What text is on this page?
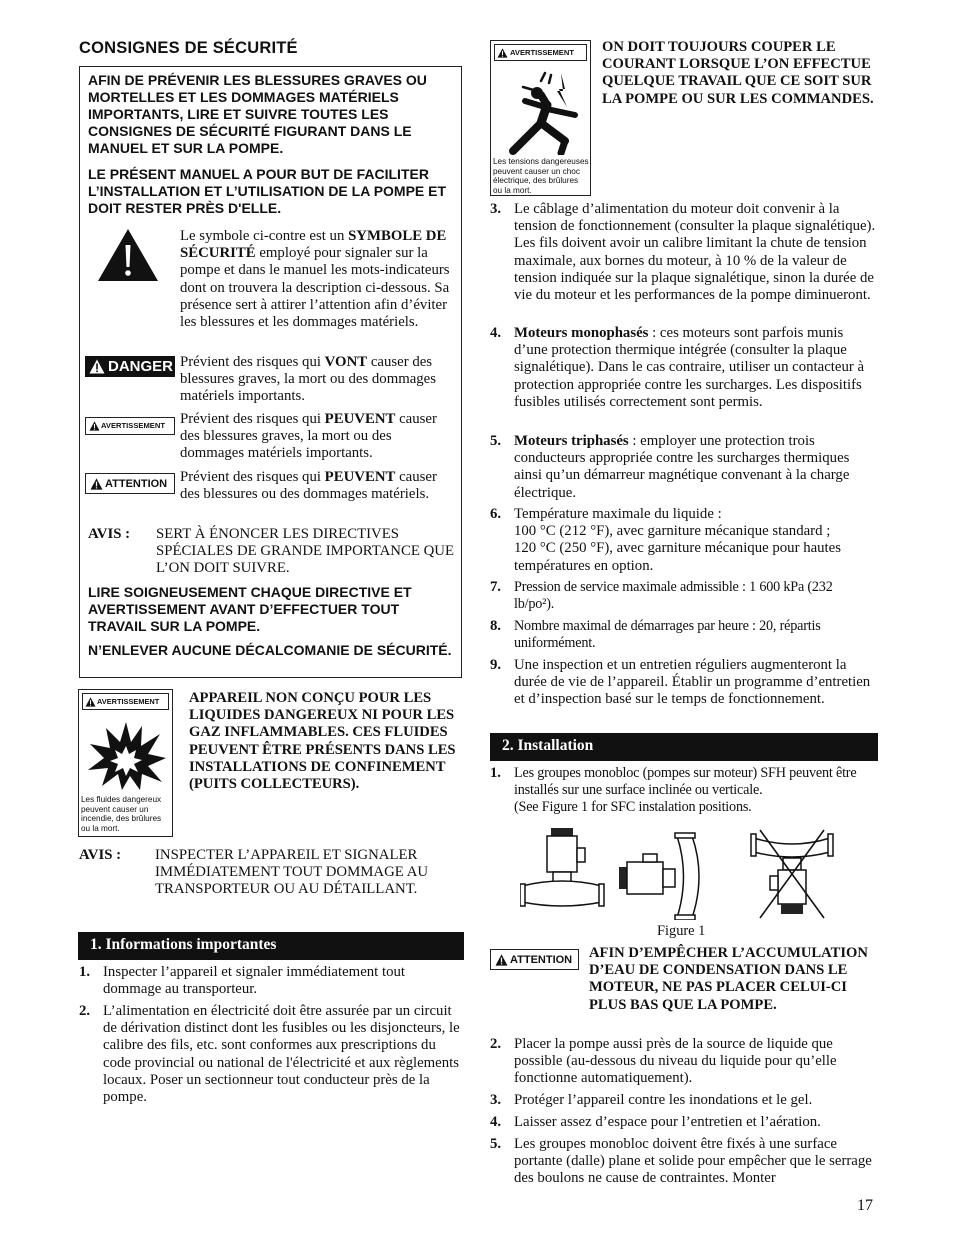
CONSIGNES DE SÉCURITÉ
AFIN DE PRÉVENIR LES BLESSURES GRAVES OU MORTELLES ET LES DOMMAGES MATÉRIELS IMPORTANTS, LIRE ET SUIVRE TOUTES LES CONSIGNES DE SÉCURITÉ FIGURANT DANS LE MANUEL ET SUR LA POMPE.
LE PRÉSENT MANUEL A POUR BUT DE FACILITER L’INSTALLATION ET L’UTILISATION DE LA POMPE ET DOIT RESTER PRÈS D'ELLE.
Le symbole ci-contre est un SYMBOLE DE SÉCURITÉ employé pour signaler sur la pompe et dans le manuel les mots-indicateurs dont on trouvera la description ci-dessous. Sa présence sert à attirer l’attention afin d’éviter les blessures et les dommages matériels.
DANGER Prévient des risques qui VONT causer des blessures graves, la mort ou des dommages matériels importants.
AVERTISSEMENT Prévient des risques qui PEUVENT causer des blessures graves, la mort ou des dommages matériels importants.
ATTENTION Prévient des risques qui PEUVENT causer des blessures ou des dommages matériels.
AVIS :	SERT À ÉNONCER LES DIRECTIVES SPÉCIALES DE GRANDE IMPORTANCE QUE L’ON DOIT SUIVRE.
LIRE SOIGNEUSEMENT CHAQUE DIRECTIVE ET AVERTISSEMENT AVANT D’EFFECTUER TOUT TRAVAIL SUR LA POMPE.
N’ENLEVER AUCUNE DÉCALCOMANIE DE SÉCURITÉ.
AVERTISSEMENT
Les fluides dangereux peuvent causer un incendie, des brûlures ou la mort.
APPAREIL NON CONÇU POUR LES LIQUIDES DANGEREUX NI POUR LES GAZ INFLAMMABLES. CES FLUIDES PEUVENT ÊTRE PRÉSENTS DANS LES INSTALLATIONS DE CONFINEMENT (PUITS COLLECTEURS).
AVIS :	INSPECTER L’APPAREIL ET SIGNALER IMMÉDIATEMENT TOUT DOMMAGE AU TRANSPORTEUR OU AU DÉTAILLANT.
1. Informations importantes
1. Inspecter l’appareil et signaler immédiatement tout dommage au transporteur.
2. L’alimentation en électricité doit être assurée par un circuit de dérivation distinct dont les fusibles ou les disjoncteurs, le calibre des fils, etc. sont conformes aux prescriptions du code provincial ou national de l'électricité et aux règlements locaux. Poser un sectionneur tout conducteur près de la pompe.
AVERTISSEMENT
Les tensions dangereuses peuvent causer un choc électrique, des brûlures ou la mort.
ON DOIT TOUJOURS COUPER LE COURANT LORSQUE L’ON EFFECTUE QUELQUE TRAVAIL QUE CE SOIT SUR LA POMPE OU SUR LES COMMANDES.
3. Le câblage d’alimentation du moteur doit convenir à la tension de fonctionnement (consulter la plaque signalétique). Les fils doivent avoir un calibre limitant la chute de tension maximale, aux bornes du moteur, à 10 % de la valeur de tension indiquée sur la plaque signalétique, sinon la durée de vie du moteur et les performances de la pompe diminueront.
4. Moteurs monophasés : ces moteurs sont parfois munis d’une protection thermique intégrée (consulter la plaque signalétique). Dans le cas contraire, utiliser un contacteur à protection appropriée contre les surcharges. Les dispositifs fusibles utilisés correctement sont permis.
5. Moteurs triphasés : employer une protection trois conducteurs appropriée contre les surcharges thermiques ainsi qu’un démarreur magnétique convenant à la charge électrique.
6. Température maximale du liquide :
100 °C (212 °F), avec garniture mécanique standard ;
120 °C (250 °F), avec garniture mécanique pour hautes températures en option.
7. Pression de service maximale admissible : 1 600 kPa (232 lb/po²).
8. Nombre maximal de démarrages par heure : 20, répartis uniformément.
9. Une inspection et un entretien réguliers augmenteront la durée de vie de l’appareil. Établir un programme d’entretien et d’inspection basé sur le temps de fonctionnement.
2. Installation
1. Les groupes monobloc (pompes sur moteur) SFH peuvent être installés sur une surface inclinée ou verticale.
(See Figure 1 for SFC instalation positions.
Figure 1
ATTENTION AFIN D’EMPÊCHER L’ACCUMULATION D’EAU DE CONDENSATION DANS LE MOTEUR, NE PAS PLACER CELUI-CI PLUS BAS QUE LA POMPE.
2. Placer la pompe aussi près de la source de liquide que possible (au-dessous du niveau du liquide pour qu’elle fonctionne automatiquement).
3. Protéger l’appareil contre les inondations et le gel.
4. Laisser assez d’espace pour l’entretien et l’aération.
5. Les groupes monobloc doivent être fixés à une surface portante (dalle) plane et solide pour empêcher que le serrage des boulons ne cause de contraintes. Monter
17
